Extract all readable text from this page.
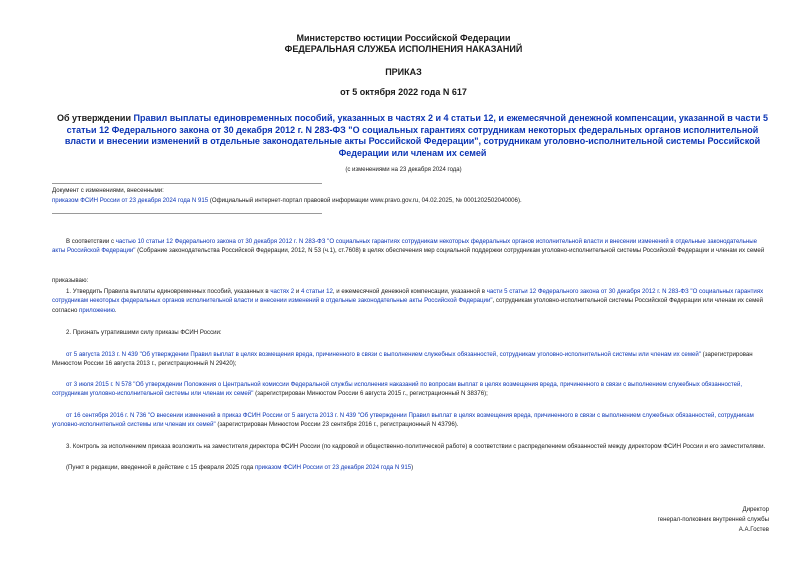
Министерство юстиции Российской Федерации
ФЕДЕРАЛЬНАЯ СЛУЖБА ИСПОЛНЕНИЯ НАКАЗАНИЙ
ПРИКАЗ
от 5 октября 2022 года N 617
Об утверждении Правил выплаты единовременных пособий, указанных в частях 2 и 4 статьи 12, и ежемесячной денежной компенсации, указанной в части 5 статьи 12 Федерального закона от 30 декабря 2012 г. N 283-ФЗ "О социальных гарантиях сотрудникам некоторых федеральных органов исполнительной власти и внесении изменений в отдельные законодательные акты Российской Федерации", сотрудникам уголовно-исполнительной системы Российской Федерации или членам их семей
(с изменениями на 23 декабря 2024 года)
Документ с изменениями, внесенными:
приказом ФСИН России от 23 декабря 2024 года N 915 (Официальный интернет-портал правовой информации www.pravo.gov.ru, 04.02.2025, № 0001202502040006).
В соответствии с частью 10 статьи 12 Федерального закона от 30 декабря 2012 г. N 283-ФЗ "О социальных гарантиях сотрудникам некоторых федеральных органов исполнительной власти и внесении изменений в отдельные законодательные акты Российской Федерации" (Собрание законодательства Российской Федерации, 2012, N 53 (ч.1), ст.7608) в целях обеспечения мер социальной поддержки сотрудникам уголовно-исполнительной системы Российской Федерации и членам их семей
приказываю:
1. Утвердить Правила выплаты единовременных пособий, указанных в частях 2 и 4 статьи 12, и ежемесячной денежной компенсации, указанной в части 5 статьи 12 Федерального закона от 30 декабря 2012 г. N 283-ФЗ "О социальных гарантиях сотрудникам некоторых федеральных органов исполнительной власти и внесении изменений в отдельные законодательные акты Российской Федерации", сотрудникам уголовно-исполнительной системы Российской Федерации или членам их семей согласно приложению.
2. Признать утратившими силу приказы ФСИН России:
от 5 августа 2013 г. N 439 "Об утверждении Правил выплат в целях возмещения вреда, причиненного в связи с выполнением служебных обязанностей, сотрудникам уголовно-исполнительной системы или членам их семей" (зарегистрирован Минюстом России 16 августа 2013 г., регистрационный N 29420);
от 3 июля 2015 г. N 578 "Об утверждении Положения о Центральной комиссии Федеральной службы исполнения наказаний по вопросам выплат в целях возмещения вреда, причиненного в связи с выполнением служебных обязанностей, сотрудникам уголовно-исполнительной системы или членам их семей" (зарегистрирован Минюстом России 6 августа 2015 г., регистрационный N 38376);
от 16 сентября 2016 г. N 736 "О внесении изменений в приказ ФСИН России от 5 августа 2013 г. N 439 "Об утверждении Правил выплат в целях возмещения вреда, причиненного в связи с выполнением служебных обязанностей, сотрудникам уголовно-исполнительной системы или членам их семей" (зарегистрирован Минюстом России 23 сентября 2016 г., регистрационный N 43796).
3. Контроль за исполнением приказа возложить на заместителя директора ФСИН России (по кадровой и общественно-политической работе) в соответствии с распределением обязанностей между директором ФСИН России и его заместителями.
(Пункт в редакции, введенной в действие с 15 февраля 2025 года приказом ФСИН России от 23 декабря 2024 года N 915)
Директор
генерал-полковник внутренней службы
А.А.Гостев
